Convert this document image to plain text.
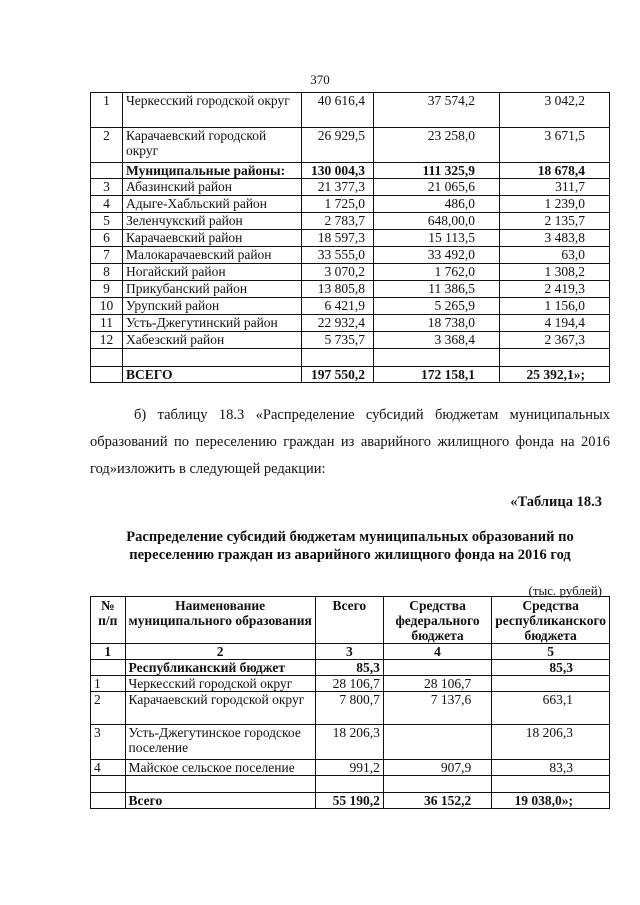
370
1	Черкесский городской округ	40 616,4	37 574,2	3 042,2
2	Карачаевский городской округ	26 929,5	23 258,0	3 671,5
	Муниципальные районы:	130 004,3	111 325,9	18 678,4
3	Абазинский район	21 377,3	21 065,6	311,7
4	Адыге-Хабльский район	1 725,0	486,0	1 239,0
5	Зеленчукский район	2 783,7	648,00,0	2 135,7
6	Карачаевский район	18 597,3	15 113,5	3 483,8
7	Малокарачаевский район	33 555,0	33 492,0	63,0
8	Ногайский район	3 070,2	1 762,0	1 308,2
9	Прикубанский район	13 805,8	11 386,5	2 419,3
10	Урупский район	6 421,9	5 265,9	1 156,0
11	Усть-Джегутинский район	22 932,4	18 738,0	4 194,4
12	Хабезский район	5 735,7	3 368,4	2 367,3

	ВСЕГО	197 550,2	172 158,1	25 392,1»;
б) таблицу 18.3 «Распределение субсидий бюджетам муниципальных образований по переселению граждан из аварийного жилищного фонда на 2016 год»изложить в следующей редакции:
«Таблица 18.3
Распределение субсидий бюджетам муниципальных образований по переселению граждан из аварийного жилищного фонда на 2016 год
(тыс. рублей)
№ п/п	Наименование муниципального образования	Всего	Средства федерального бюджета	Средства республиканского бюджета
1	2	3	4	5
	Республиканский бюджет	85,3		85,3
1	Черкесский городской округ	28 106,7	28 106,7	
2	Карачаевский городской округ	7 800,7	7 137,6	663,1
3	Усть-Джегутинское городское поселение	18 206,3		18 206,3
4	Майское сельское поселение	991,2	907,9	83,3

	Всего	55 190,2	36 152,2	19 038,0»;
